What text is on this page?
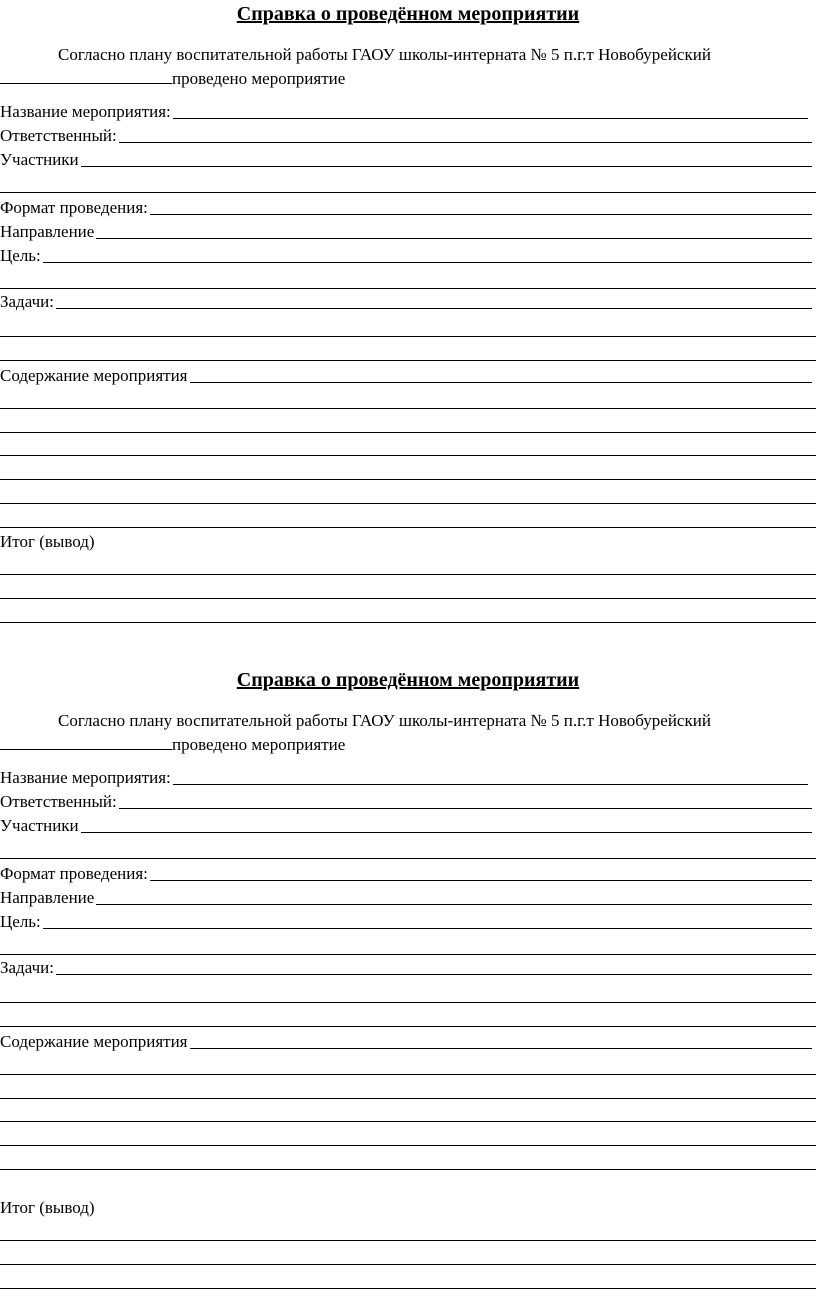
Справка о проведённом мероприятии
Согласно плану воспитательной работы ГАОУ школы-интерната № 5 п.г.т Новобурейский
проведено мероприятие
Название мероприятия:
Ответственный:
Участники
Формат проведения:
Направление
Цель:
Задачи:
Содержание мероприятия
Итог (вывод)
Справка о проведённом мероприятии
Согласно плану воспитательной работы ГАОУ школы-интерната № 5 п.г.т Новобурейский
проведено мероприятие
Название мероприятия:
Ответственный:
Участники
Формат проведения:
Направление
Цель:
Задачи:
Содержание мероприятия
Итог (вывод)
